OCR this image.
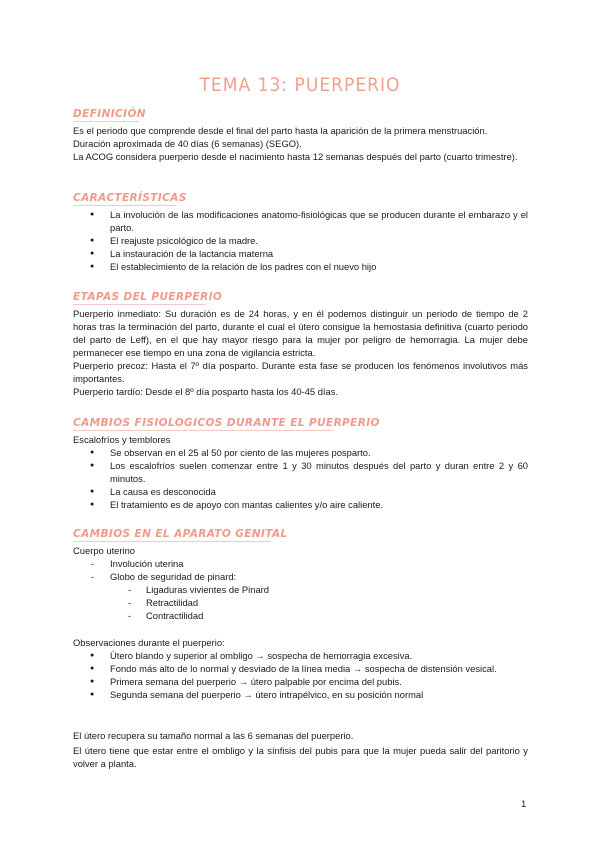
TEMA 13: PUERPERIO
DEFINICIÓN
Es el periodo que comprende desde el final del parto hasta la aparición de la primera menstruación.
Duración aproximada de 40 días (6 semanas) (SEGO).
La ACOG considera puerperio desde el nacimiento hasta 12 semanas después del parto (cuarto trimestre).
CARACTERÍSTICAS
● La involución de las modificaciones anatomo-fisiológicas que se producen durante el embarazo y el parto.
● El reajuste psicológico de la madre.
● La instauración de la lactancia materna
● El establecimiento de la relación de los padres con el nuevo hijo
ETAPAS DEL PUERPERIO
Puerperio inmediato: Su duración es de 24 horas, y en él podemos distinguir un periodo de tiempo de 2 horas tras la terminación del parto, durante el cual el útero consigue la hemostasia definitiva (cuarto periodo del parto de Leff), en el que hay mayor riesgo para la mujer por peligro de hemorragia. La mujer debe permanecer ese tiempo en una zona de vigilancia estricta.
Puerperio precoz: Hasta el 7º día posparto. Durante esta fase se producen los fenómenos involutivos más importantes.
Puerperio tardío: Desde el 8º día posparto hasta los 40-45 días.
CAMBIOS FISIOLOGICOS DURANTE EL PUERPERIO
Escalofríos y temblores
● Se observan en el 25 al 50 por ciento de las mujeres posparto.
● Los escalofríos suelen comenzar entre 1 y 30 minutos después del parto y duran entre 2 y 60 minutos.
● La causa es desconocida
● El tratamiento es de apoyo con mantas calientes y/o aire caliente.
CAMBIOS EN EL APARATO GENITAL
Cuerpo uterino
- Involución uterina
- Globo de seguridad de pinard:
- Ligaduras vivientes de Pinard
- Retractilidad
- Contractilidad
Observaciones durante el puerperio:
● Útero blando y superior al ombligo → sospecha de hemorragia excesiva.
● Fondo más alto de lo normal y desviado de la línea media → sospecha de distensión vesical.
● Primera semana del puerperio → útero palpable por encima del pubis.
● Segunda semana del puerperio → útero intrapélvico, en su posición normal
El útero recupera su tamaño normal a las 6 semanas del puerperio.
El útero tiene que estar entre el ombligo y la sínfisis del pubis para que la mujer pueda salir del paritorio y volver a planta.
1
